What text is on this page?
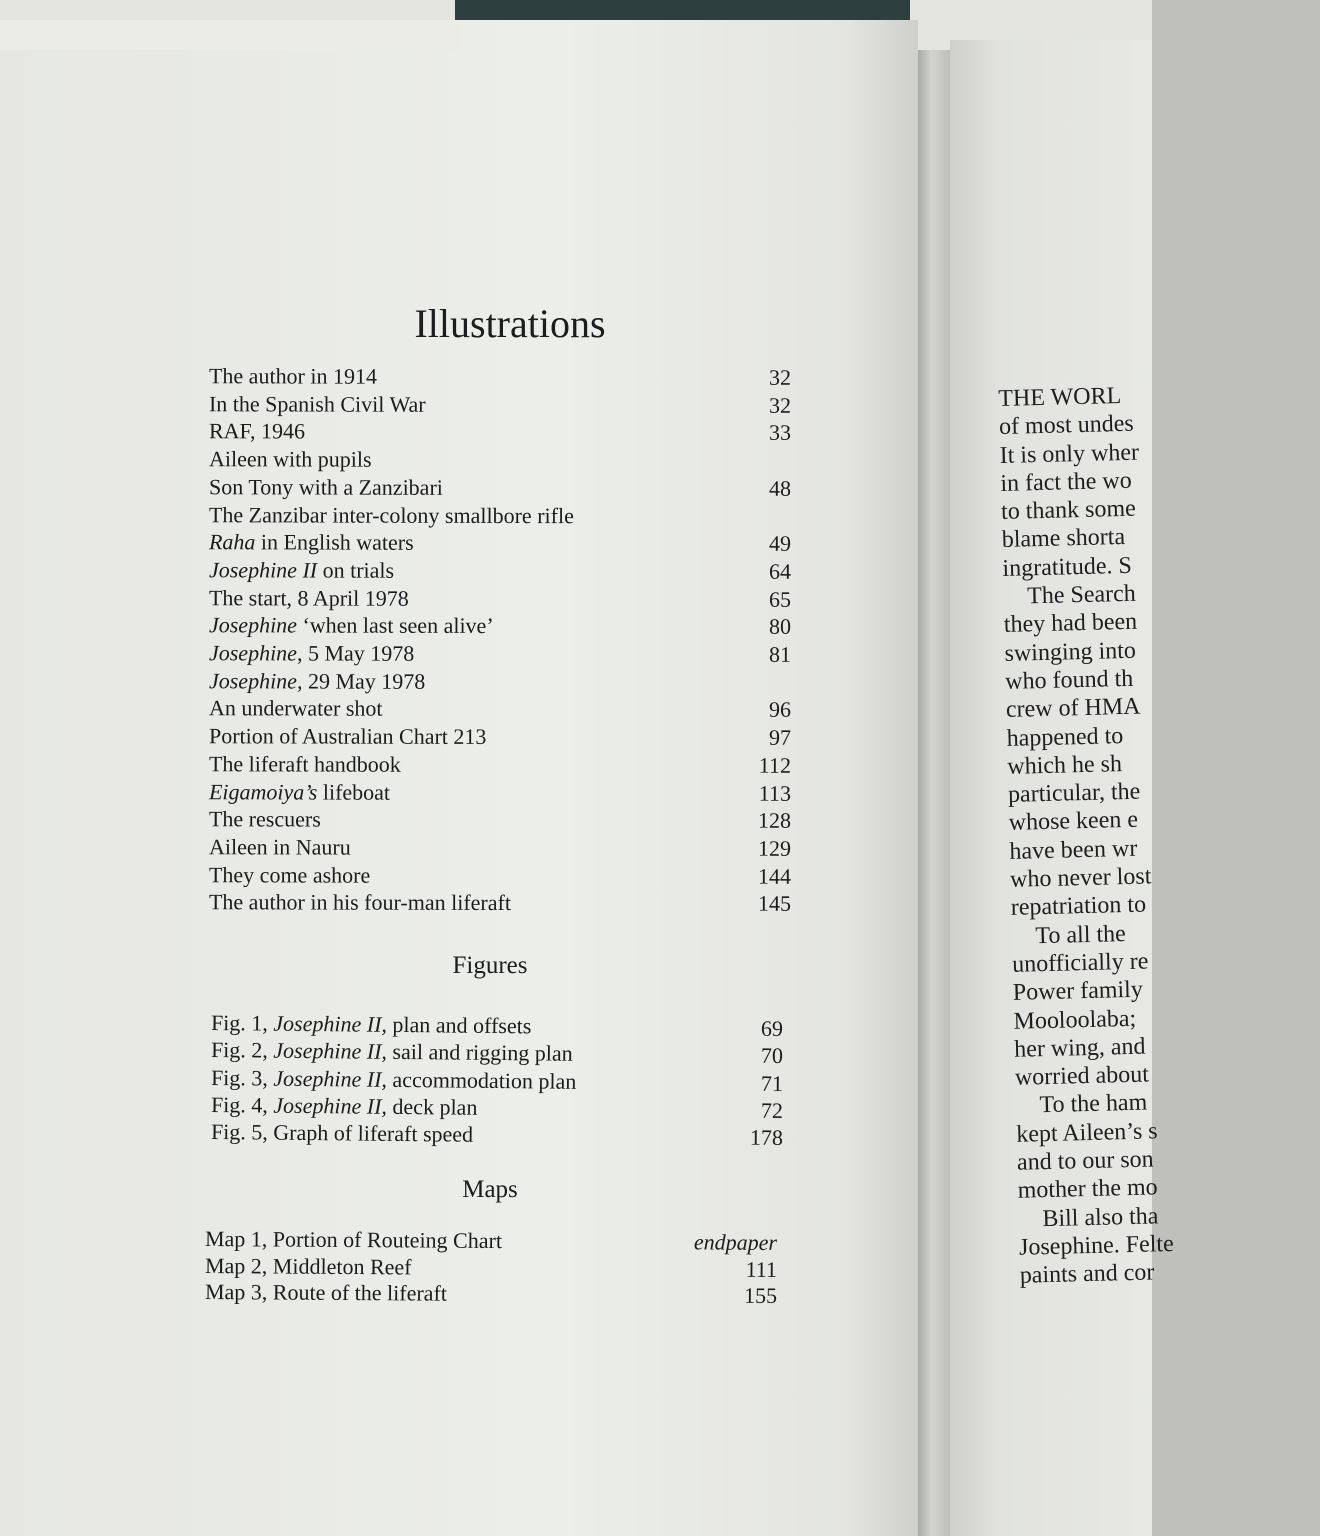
THE WORL

of most undes

It is only wher

in fact the wo

to thank some

blame shorta

ingratitude. S

The Search

they had been

swinging into

who found th

crew of HMA

happened to

which he sh

particular, the

whose keen e

have been wr

who never lost

repatriation to

To all the

unofficially re

Power family

Mooloolaba;

her wing, and

worried about

To the ham

kept Aileen’s s

and to our son

mother the mo

Bill also tha

Josephine. Felte

paints and cor

Illustrations
The author in 1914	32
In the Spanish Civil War	32
RAF, 1946	33
Aileen with pupils
Son Tony with a Zanzibari	48
The Zanzibar inter-colony smallbore rifle
Raha in English waters	49
Josephine II on trials	64
The start, 8 April 1978	65
Josephine ‘when last seen alive’	80
Josephine, 5 May 1978	81
Josephine, 29 May 1978
An underwater shot	96
Portion of Australian Chart 213	97
The liferaft handbook	112
Eigamoiya’s lifeboat	113
The rescuers	128
Aileen in Nauru	129
They come ashore	144
The author in his four-man liferaft	145
Figures
Fig. 1, Josephine II, plan and offsets	69
Fig. 2, Josephine II, sail and rigging plan	70
Fig. 3, Josephine II, accommodation plan	71
Fig. 4, Josephine II, deck plan	72
Fig. 5, Graph of liferaft speed	178
Maps
Map 1, Portion of Routeing Chart	endpaper
Map 2, Middleton Reef	111
Map 3, Route of the liferaft	155
